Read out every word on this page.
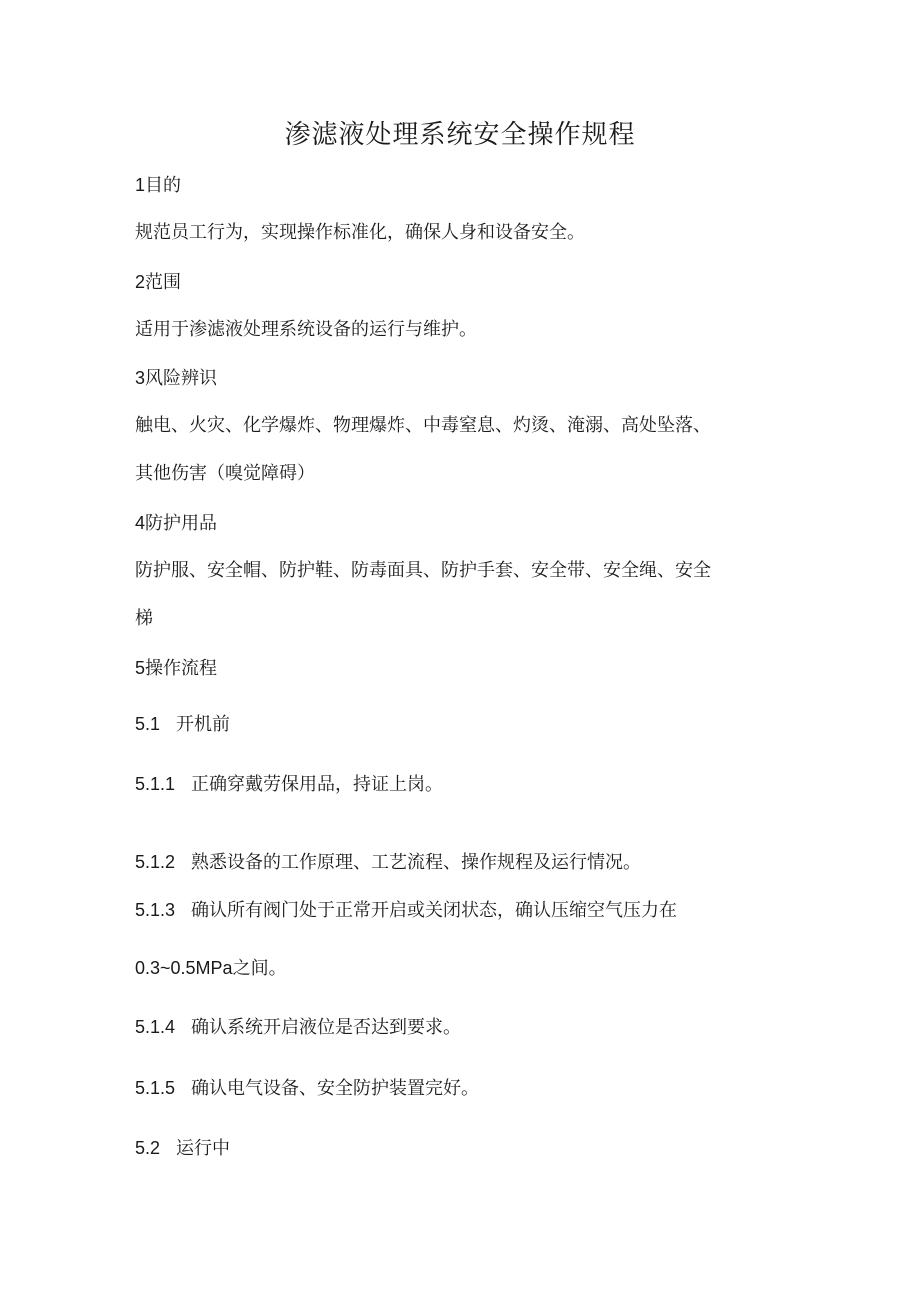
渗滤液处理系统安全操作规程
1目的
规范员工行为，实现操作标准化，确保人身和设备安全。
2范围
适用于渗滤液处理系统设备的运行与维护。
3风险辨识
触电、火灾、化学爆炸、物理爆炸、中毒窒息、灼烫、淹溺、高处坠落、
其他伤害（嗅觉障碍）
4防护用品
防护服、安全帽、防护鞋、防毒面具、防护手套、安全带、安全绳、安全
梯
5操作流程
5.1 开机前
5.1.1 正确穿戴劳保用品，持证上岗。
5.1.2 熟悉设备的工作原理、工艺流程、操作规程及运行情况。
5.1.3 确认所有阀门处于正常开启或关闭状态，确认压缩空气压力在
0.3~0.5MPa之间。
5.1.4 确认系统开启液位是否达到要求。
5.1.5 确认电气设备、安全防护装置完好。
5.2 运行中
